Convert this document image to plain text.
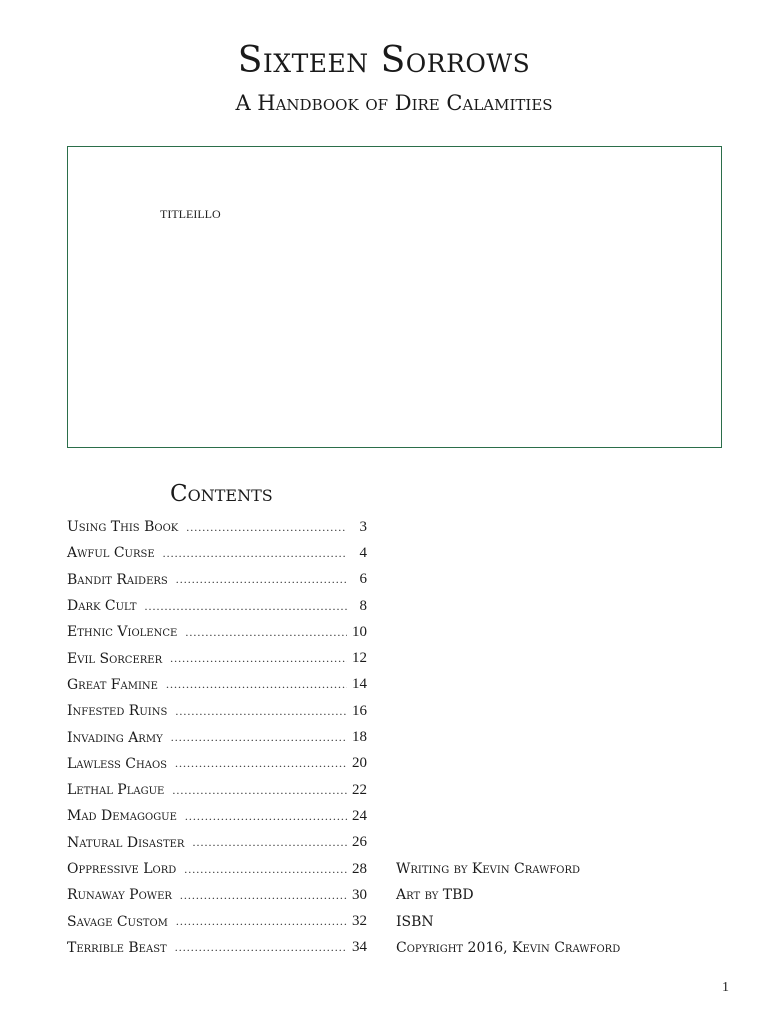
Sixteen Sorrows
A Handbook of Dire Calamities
TITLEILLO
Contents
Using This Book .....	3
Awful Curse .....	4
Bandit Raiders .....	6
Dark Cult .....	8
Ethnic Violence .....	10
Evil Sorcerer .....	12
Great Famine .....	14
Infested Ruins .....	16
Invading Army .....	18
Lawless Chaos .....	20
Lethal Plague .....	22
Mad Demagogue .....	24
Natural Disaster .....	26
Oppressive Lord .....	28
Runaway Power .....	30
Savage Custom .....	32
Terrible Beast .....	34
Writing by Kevin Crawford
Art by TBD
ISBN
Copyright 2016, Kevin Crawford
1
